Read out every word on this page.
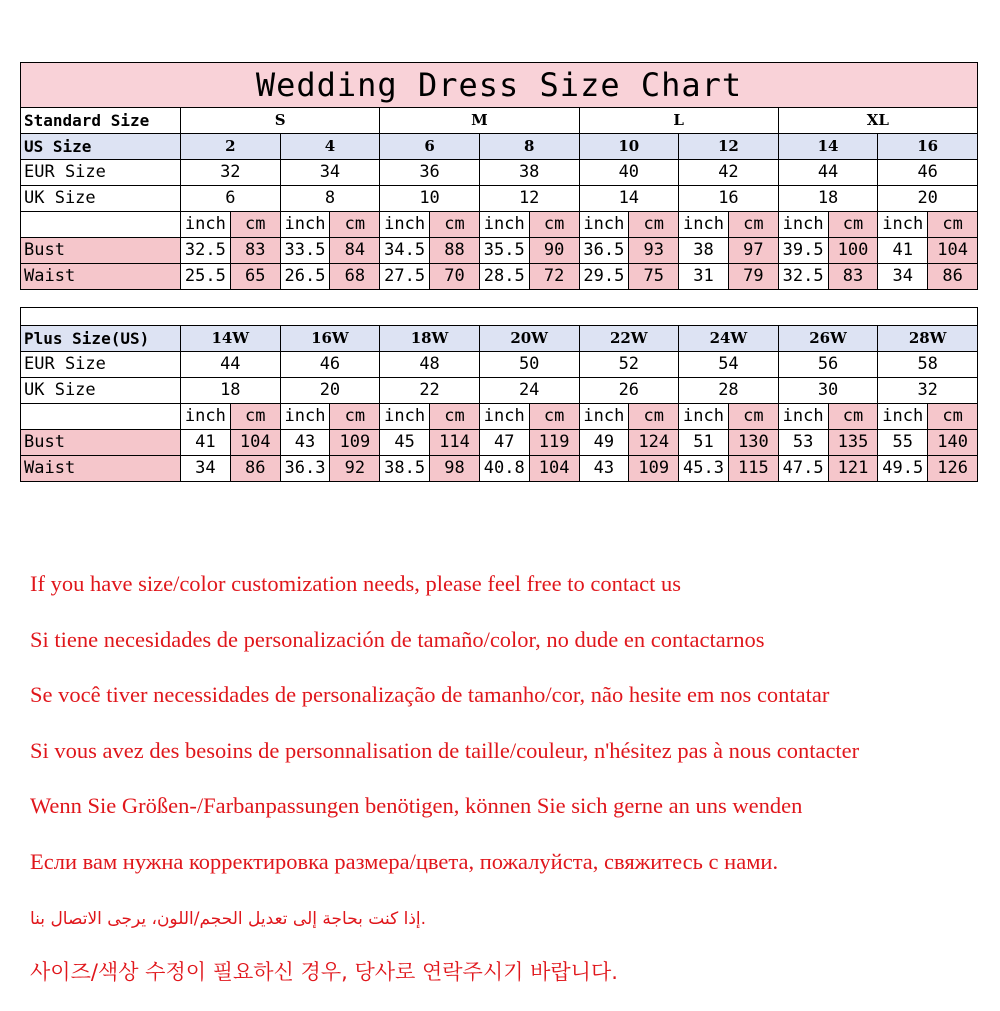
Wedding Dress Size Chart																
Standard Size	S				M				L				XL			
US Size	2		4		6		8		10		12		14		16	
EUR Size	32		34		36		38		40		42		44		46	
UK Size	6		8		10		12		14		16		18		20	
	inch	cm	inch	cm	inch	cm	inch	cm	inch	cm	inch	cm	inch	cm	inch	cm
Bust	32.5	83	33.5	84	34.5	88	35.5	90	36.5	93	38	97	39.5	100	41	104
Waist	25.5	65	26.5	68	27.5	70	28.5	72	29.5	75	31	79	32.5	83	34	86

Plus Size(US)	14W		16W		18W		20W		22W		24W		26W		28W	
EUR Size	44		46		48		50		52		54		56		58	
UK Size	18		20		22		24		26		28		30		32	
	inch	cm	inch	cm	inch	cm	inch	cm	inch	cm	inch	cm	inch	cm	inch	cm
Bust	41	104	43	109	45	114	47	119	49	124	51	130	53	135	55	140
Waist	34	86	36.3	92	38.5	98	40.8	104	43	109	45.3	115	47.5	121	49.5	126
If you have size/color customization needs, please feel free to contact us
Si tiene necesidades de personalización de tamaño/color, no dude en contactarnos
Se você tiver necessidades de personalização de tamanho/cor, não hesite em nos contatar
Si vous avez des besoins de personnalisation de taille/couleur, n'hésitez pas à nous contacter
Wenn Sie Größen-/Farbanpassungen benötigen, können Sie sich gerne an uns wenden
Если вам нужна корректировка размера/цвета, пожалуйста, свяжитесь с нами.
.إذا كنت بحاجة إلى تعديل الحجم/اللون، يرجى الاتصال بنا
사이즈/색상 수정이 필요하신 경우, 당사로 연락주시기 바랍니다.
